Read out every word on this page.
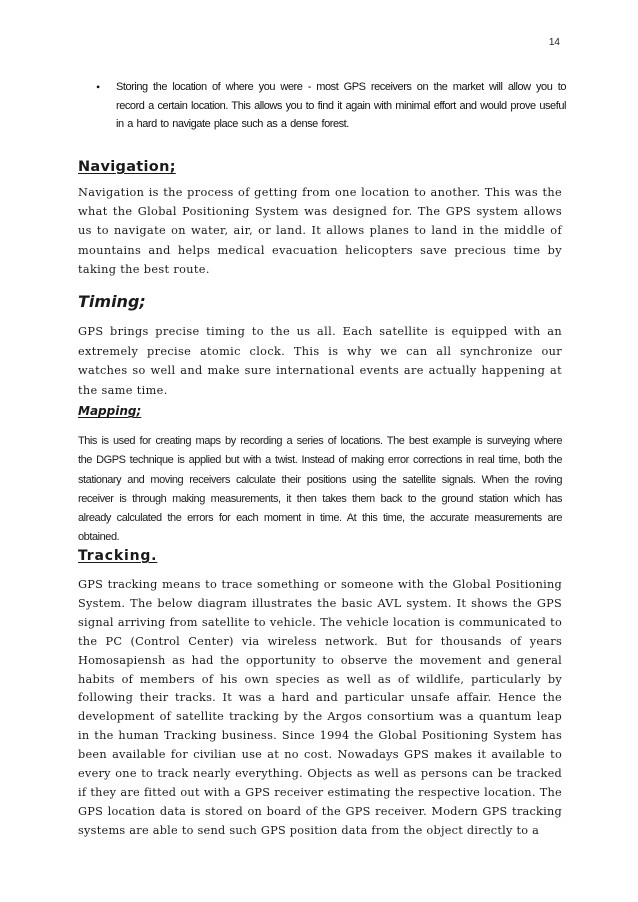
14
•	Storing the location of where you were - most GPS receivers on the market will allow you to record a certain location. This allows you to find it again with minimal effort and would prove useful in a hard to navigate place such as a dense forest.
Navigation;
Navigation is the process of getting from one location to another. This was the what the Global Positioning System was designed for. The GPS system allows us to navigate on water, air, or land. It allows planes to land in the middle of mountains and helps medical evacuation helicopters save precious time by taking the best route.
Timing;
GPS brings precise timing to the us all. Each satellite is equipped with an extremely precise atomic clock. This is why we can all synchronize our watches so well and make sure international events are actually happening at the same time.
Mapping;
This is used for creating maps by recording a series of locations. The best example is surveying where the DGPS technique is applied but with a twist. Instead of making error corrections in real time, both the stationary and moving receivers calculate their positions using the satellite signals. When the roving receiver is through making measurements, it then takes them back to the ground station which has already calculated the errors for each moment in time. At this time, the accurate measurements are obtained.
Tracking.
GPS tracking means to trace something or someone with the Global Positioning System. The below diagram illustrates the basic AVL system. It shows the GPS signal arriving from satellite to vehicle. The vehicle location is communicated to the PC (Control Center) via wireless network. But for thousands of years Homosapiensh as had the opportunity to observe the movement and general habits of members of his own species as well as of wildlife, particularly by following their tracks. It was a hard and particular unsafe affair. Hence the development of satellite tracking by the Argos consortium was a quantum leap in the human Tracking business. Since 1994 the Global Positioning System has been available for civilian use at no cost. Nowadays GPS makes it available to every one to track nearly everything. Objects as well as persons can be tracked if they are fitted out with a GPS receiver estimating the respective location. The GPS location data is stored on board of the GPS receiver. Modern GPS tracking systems are able to send such GPS position data from the object directly to a
